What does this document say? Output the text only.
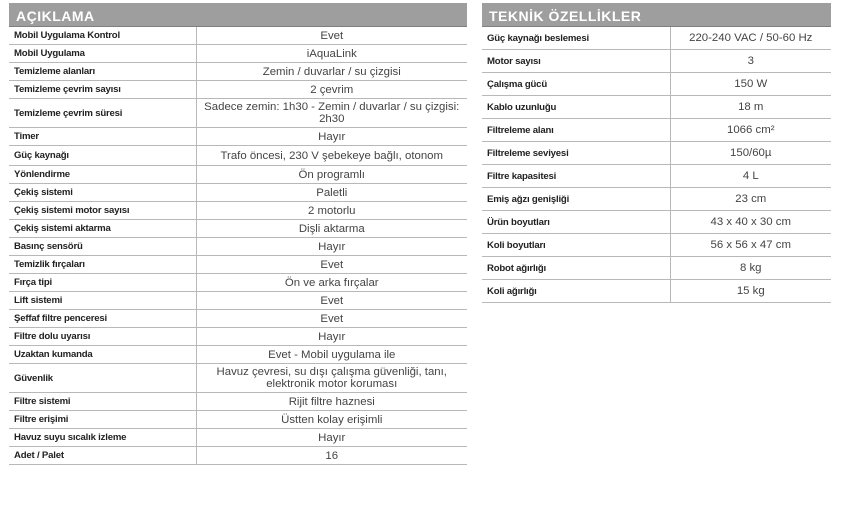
AÇIKLAMA
Mobil Uygulama Kontrol	Evet
Mobil Uygulama	iAquaLink
Temizleme alanları	Zemin / duvarlar / su çizgisi
Temizleme çevrim sayısı	2 çevrim
Temizleme çevrim süresi	Sadece zemin: 1h30 - Zemin / duvarlar / su çizgisi: 2h30
Timer	Hayır
Güç kaynağı	Trafo öncesi, 230 V şebekeye bağlı, otonom
Yönlendirme	Ön programlı
Çekiş sistemi	Paletli
Çekiş sistemi motor sayısı	2 motorlu
Çekiş sistemi aktarma	Dişli aktarma
Basınç sensörü	Hayır
Temizlik fırçaları	Evet
Fırça tipi	Ön ve arka fırçalar
Lift sistemi	Evet
Şeffaf filtre penceresi	Evet
Filtre dolu uyarısı	Hayır
Uzaktan kumanda	Evet - Mobil uygulama ile
Güvenlik	Havuz çevresi, su dışı çalışma güvenliği, tanı, elektronik motor koruması
Filtre sistemi	Rijit filtre haznesi
Filtre erişimi	Üstten kolay erişimli
Havuz suyu sıcalık izleme	Hayır
Adet / Palet	16
TEKNİK ÖZELLİKLER
Güç kaynağı beslemesi	220-240 VAC / 50-60 Hz
Motor sayısı	3
Çalışma gücü	150 W
Kablo uzunluğu	18 m
Filtreleme alanı	1066 cm²
Filtreleme seviyesi	150/60µ
Filtre kapasitesi	4 L
Emiş ağzı genişliği	23 cm
Ürün boyutları	43 x 40 x 30 cm
Koli boyutları	56 x 56 x 47 cm
Robot ağırlığı	8 kg
Koli ağırlığı	15 kg
